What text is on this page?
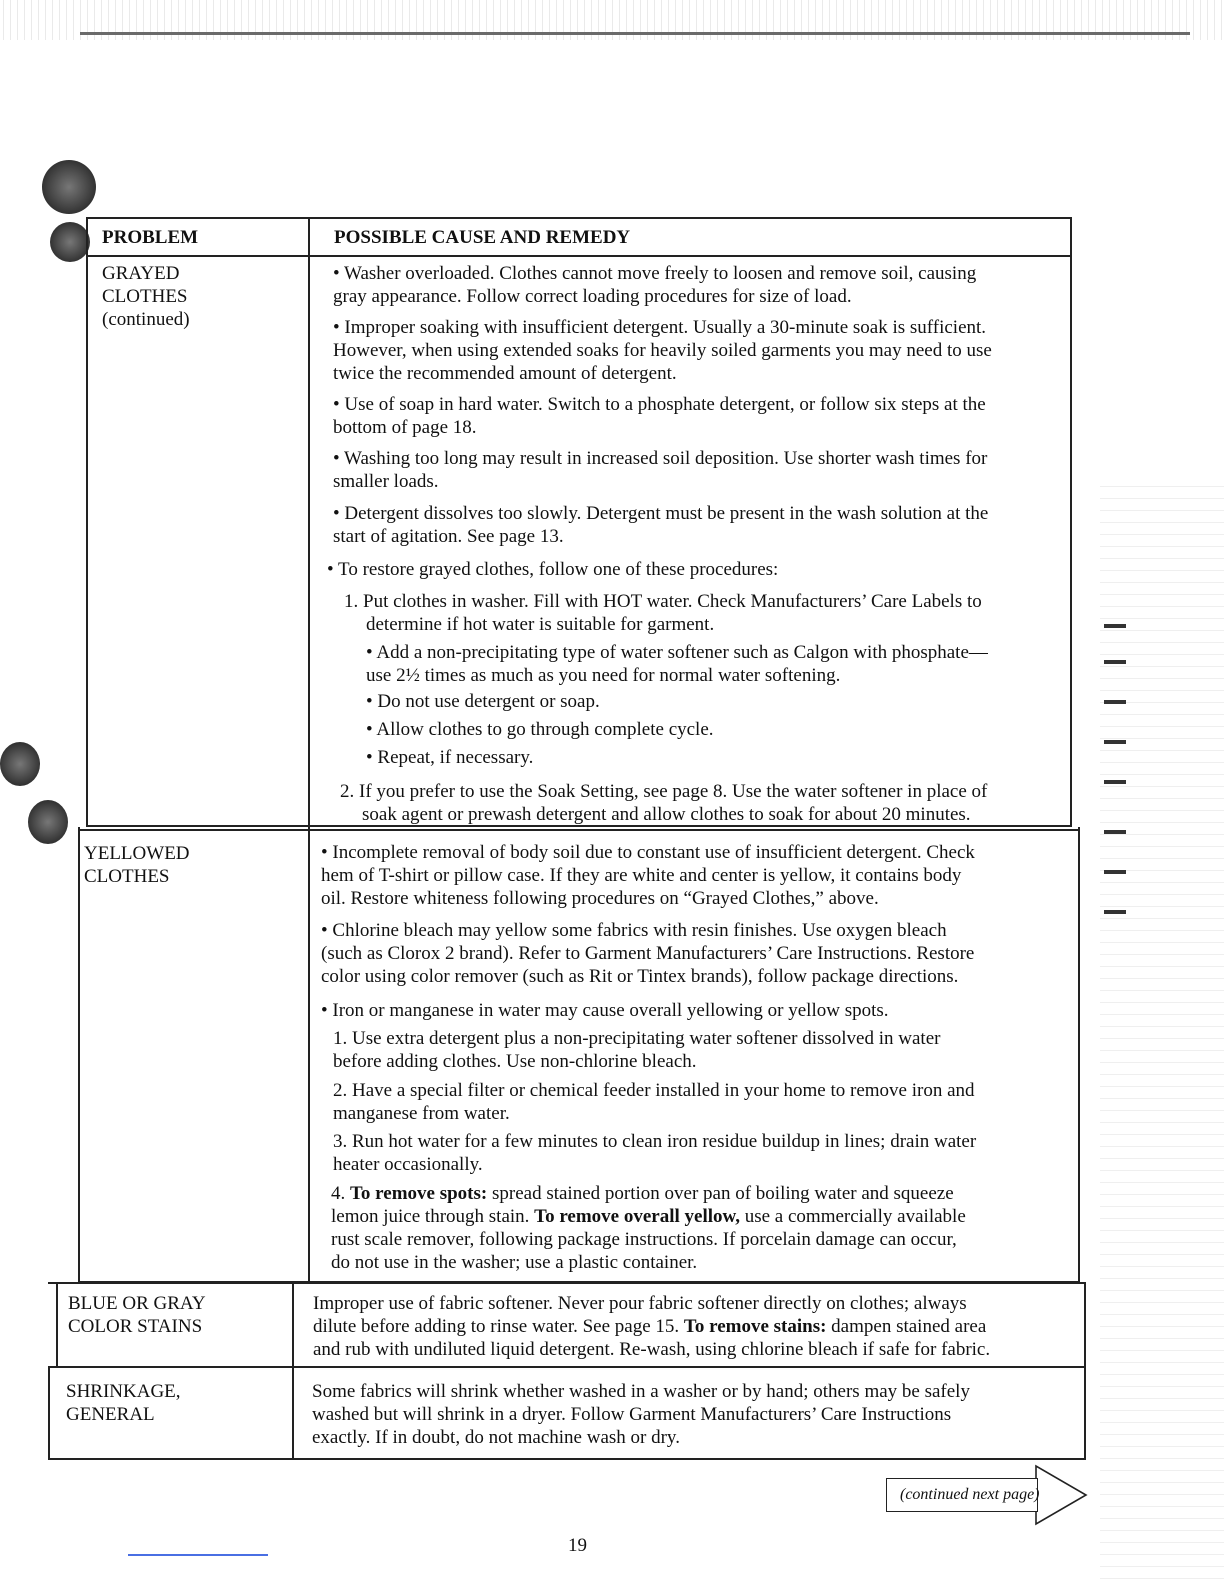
PROBLEM	POSSIBLE CAUSE AND REMEDY
GRAYED
CLOTHES
(continued)
• Washer overloaded. Clothes cannot move freely to loosen and remove soil, causing
gray appearance. Follow correct loading procedures for size of load.
• Improper soaking with insufficient detergent. Usually a 30-minute soak is sufficient.
However, when using extended soaks for heavily soiled garments you may need to use
twice the recommended amount of detergent.
• Use of soap in hard water. Switch to a phosphate detergent, or follow six steps at the
bottom of page 18.
• Washing too long may result in increased soil deposition. Use shorter wash times for
smaller loads.
• Detergent dissolves too slowly. Detergent must be present in the wash solution at the
start of agitation. See page 13.
• To restore grayed clothes, follow one of these procedures:
1. Put clothes in washer. Fill with HOT water. Check Manufacturers’ Care Labels to
determine if hot water is suitable for garment.
• Add a non-precipitating type of water softener such as Calgon with phosphate—
use 2½ times as much as you need for normal water softening.
• Do not use detergent or soap.
• Allow clothes to go through complete cycle.
• Repeat, if necessary.
2. If you prefer to use the Soak Setting, see page 8. Use the water softener in place of
soak agent or prewash detergent and allow clothes to soak for about 20 minutes.
YELLOWED
CLOTHES
• Incomplete removal of body soil due to constant use of insufficient detergent. Check
hem of T-shirt or pillow case. If they are white and center is yellow, it contains body
oil. Restore whiteness following procedures on “Grayed Clothes,” above.
• Chlorine bleach may yellow some fabrics with resin finishes. Use oxygen bleach
(such as Clorox 2 brand). Refer to Garment Manufacturers’ Care Instructions. Restore
color using color remover (such as Rit or Tintex brands), follow package directions.
• Iron or manganese in water may cause overall yellowing or yellow spots.
1. Use extra detergent plus a non-precipitating water softener dissolved in water
before adding clothes. Use non-chlorine bleach.
2. Have a special filter or chemical feeder installed in your home to remove iron and
manganese from water.
3. Run hot water for a few minutes to clean iron residue buildup in lines; drain water
heater occasionally.
4. To remove spots: spread stained portion over pan of boiling water and squeeze
lemon juice through stain. To remove overall yellow, use a commercially available
rust scale remover, following package instructions. If porcelain damage can occur,
do not use in the washer; use a plastic container.
BLUE OR GRAY
COLOR STAINS
Improper use of fabric softener. Never pour fabric softener directly on clothes; always
dilute before adding to rinse water. See page 15. To remove stains: dampen stained area
and rub with undiluted liquid detergent. Re-wash, using chlorine bleach if safe for fabric.
SHRINKAGE,
GENERAL
Some fabrics will shrink whether washed in a washer or by hand; others may be safely
washed but will shrink in a dryer. Follow Garment Manufacturers’ Care Instructions
exactly. If in doubt, do not machine wash or dry.
(continued next page)
19
